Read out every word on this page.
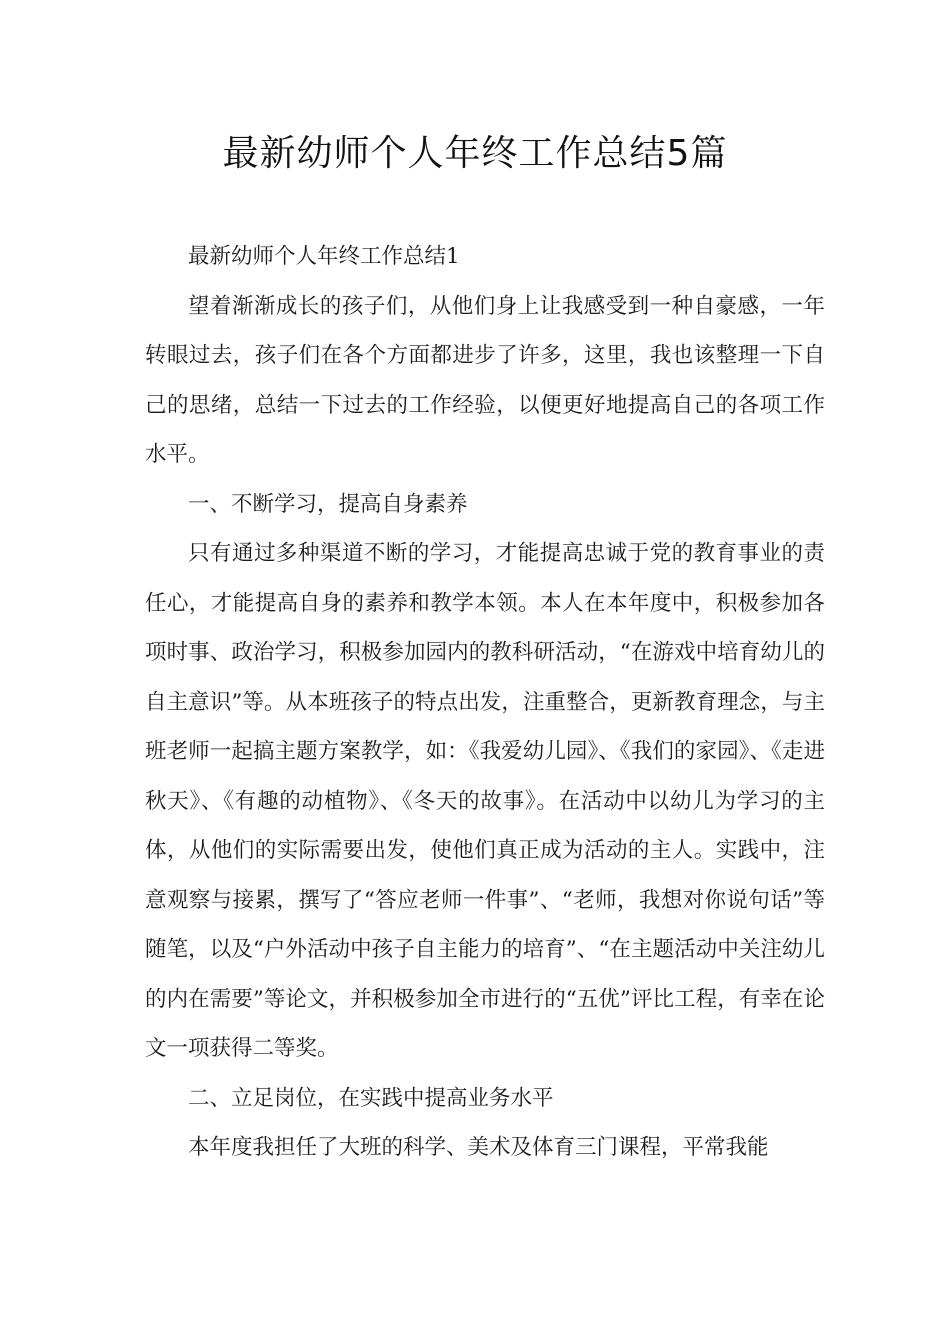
最新幼师个人年终工作总结5篇

最新幼师个人年终工作总结1

望着渐渐成长的孩子们，从他们身上让我感受到一种自豪感，一年转眼过去，孩子们在各个方面都进步了许多，这里，我也该整理一下自己的思绪，总结一下过去的工作经验，以便更好地提高自己的各项工作水平。

一、不断学习，提高自身素养

只有通过多种渠道不断的学习，才能提高忠诚于党的教育事业的责任心，才能提高自身的素养和教学本领。本人在本年度中，积极参加各项时事、政治学习，积极参加园内的教科研活动，“在游戏中培育幼儿的自主意识”等。从本班孩子的特点出发，注重整合，更新教育理念，与主班老师一起搞主题方案教学，如：《我爱幼儿园》、《我们的家园》、《走进秋天》、《有趣的动植物》、《冬天的故事》。在活动中以幼儿为学习的主体，从他们的实际需要出发，使他们真正成为活动的主人。实践中，注意观察与接累，撰写了“答应老师一件事”、“老师，我想对你说句话”等随笔，以及“户外活动中孩子自主能力的培育”、“在主题活动中关注幼儿的内在需要”等论文，并积极参加全市进行的“五优”评比工程，有幸在论文一项获得二等奖。

二、立足岗位，在实践中提高业务水平

本年度我担任了大班的科学、美术及体育三门课程，平常我能
